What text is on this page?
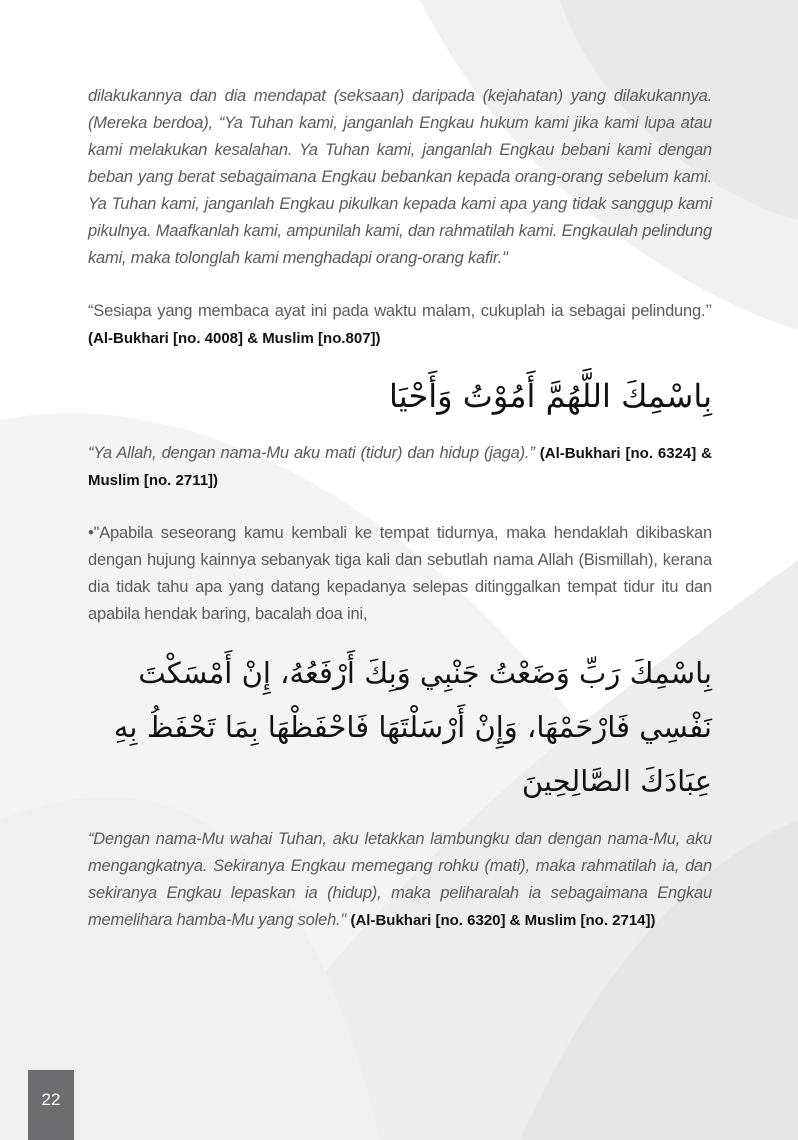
dilakukannya dan dia mendapat (seksaan) daripada (kejahatan) yang dilakukannya. (Mereka berdoa), “Ya Tuhan kami, janganlah Engkau hukum kami jika kami lupa atau kami melakukan kesalahan. Ya Tuhan kami, janganlah Engkau bebani kami dengan beban yang berat sebagaimana Engkau bebankan kepada orang-orang sebelum kami. Ya Tuhan kami, janganlah Engkau pikulkan kepada kami apa yang tidak sanggup kami pikulnya. Maafkanlah kami, ampunilah kami, dan rahmatilah kami. Engkaulah pelindung kami, maka tolonglah kami menghadapi orang-orang kafir."
“Sesiapa yang membaca ayat ini pada waktu malam, cukuplah ia sebagai pelindung.’’ (Al-Bukhari [no. 4008] & Muslim [no.807])
بِاسْمِكَ اللَّهُمَّ أَمُوْتُ وَأَحْيَا
“Ya Allah, dengan nama-Mu aku mati (tidur) dan hidup (jaga).” (Al-Bukhari [no. 6324] & Muslim [no. 2711])
•"Apabila seseorang kamu kembali ke tempat tidurnya, maka hendaklah dikibaskan dengan hujung kainnya sebanyak tiga kali dan sebutlah nama Allah (Bismillah), kerana dia tidak tahu apa yang datang kepadanya selepas ditinggalkan tempat tidur itu dan apabila hendak baring, bacalah doa ini,
بِاسْمِكَ رَبِّ وَضَعْتُ جَنْبِي وَبِكَ أَرْفَعُهُ، إِنْ أَمْسَكْتَ نَفْسِي فَارْحَمْهَا، وَإِنْ أَرْسَلْتَهَا فَاحْفَظْهَا بِمَا تَحْفَظُ بِهِ عِبَادَكَ الصَّالِحِينَ
“Dengan nama-Mu wahai Tuhan, aku letakkan lambungku dan dengan nama-Mu, aku mengangkatnya. Sekiranya Engkau memegang rohku (mati), maka rahmatilah ia, dan sekiranya Engkau lepaskan ia (hidup), maka peliharalah ia sebagaimana Engkau memelihara hamba-Mu yang soleh." (Al-Bukhari [no. 6320] & Muslim [no. 2714])
22
